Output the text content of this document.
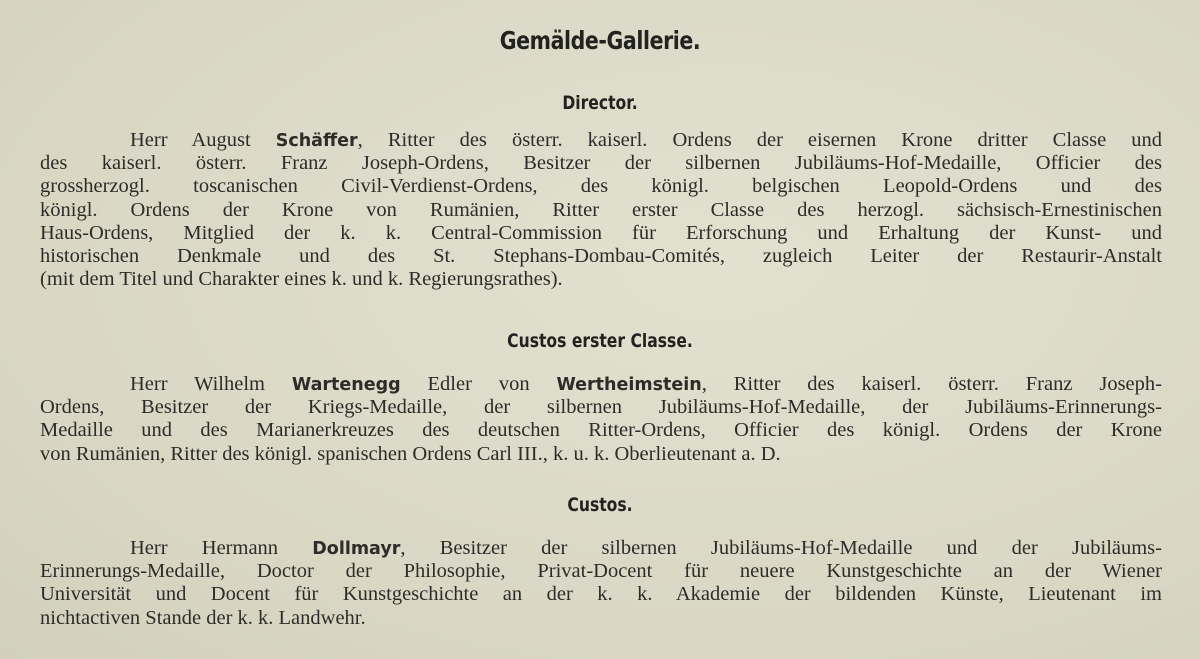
Gemälde-Gallerie.
Director.
Herr August Schäffer, Ritter des österr. kaiserl. Ordens der eisernen Krone dritter Classe und
des kaiserl. österr. Franz Joseph-Ordens, Besitzer der silbernen Jubiläums-Hof-Medaille, Officier des
grossherzogl. toscanischen Civil-Verdienst-Ordens, des königl. belgischen Leopold-Ordens und des
königl. Ordens der Krone von Rumänien, Ritter erster Classe des herzogl. sächsisch-Ernestinischen
Haus-Ordens, Mitglied der k. k. Central-Commission für Erforschung und Erhaltung der Kunst- und
historischen Denkmale und des St. Stephans-Dombau-Comités, zugleich Leiter der Restaurir-Anstalt
(mit dem Titel und Charakter eines k. und k. Regierungsrathes).
Custos erster Classe.
Herr Wilhelm Wartenegg Edler von Wertheimstein, Ritter des kaiserl. österr. Franz Joseph-
Ordens, Besitzer der Kriegs-Medaille, der silbernen Jubiläums-Hof-Medaille, der Jubiläums-Erinnerungs-
Medaille und des Marianerkreuzes des deutschen Ritter-Ordens, Officier des königl. Ordens der Krone
von Rumänien, Ritter des königl. spanischen Ordens Carl III., k. u. k. Oberlieutenant a. D.
Custos.
Herr Hermann Dollmayr, Besitzer der silbernen Jubiläums-Hof-Medaille und der Jubiläums-
Erinnerungs-Medaille, Doctor der Philosophie, Privat-Docent für neuere Kunstgeschichte an der Wiener
Universität und Docent für Kunstgeschichte an der k. k. Akademie der bildenden Künste, Lieutenant im
nichtactiven Stande der k. k. Landwehr.
